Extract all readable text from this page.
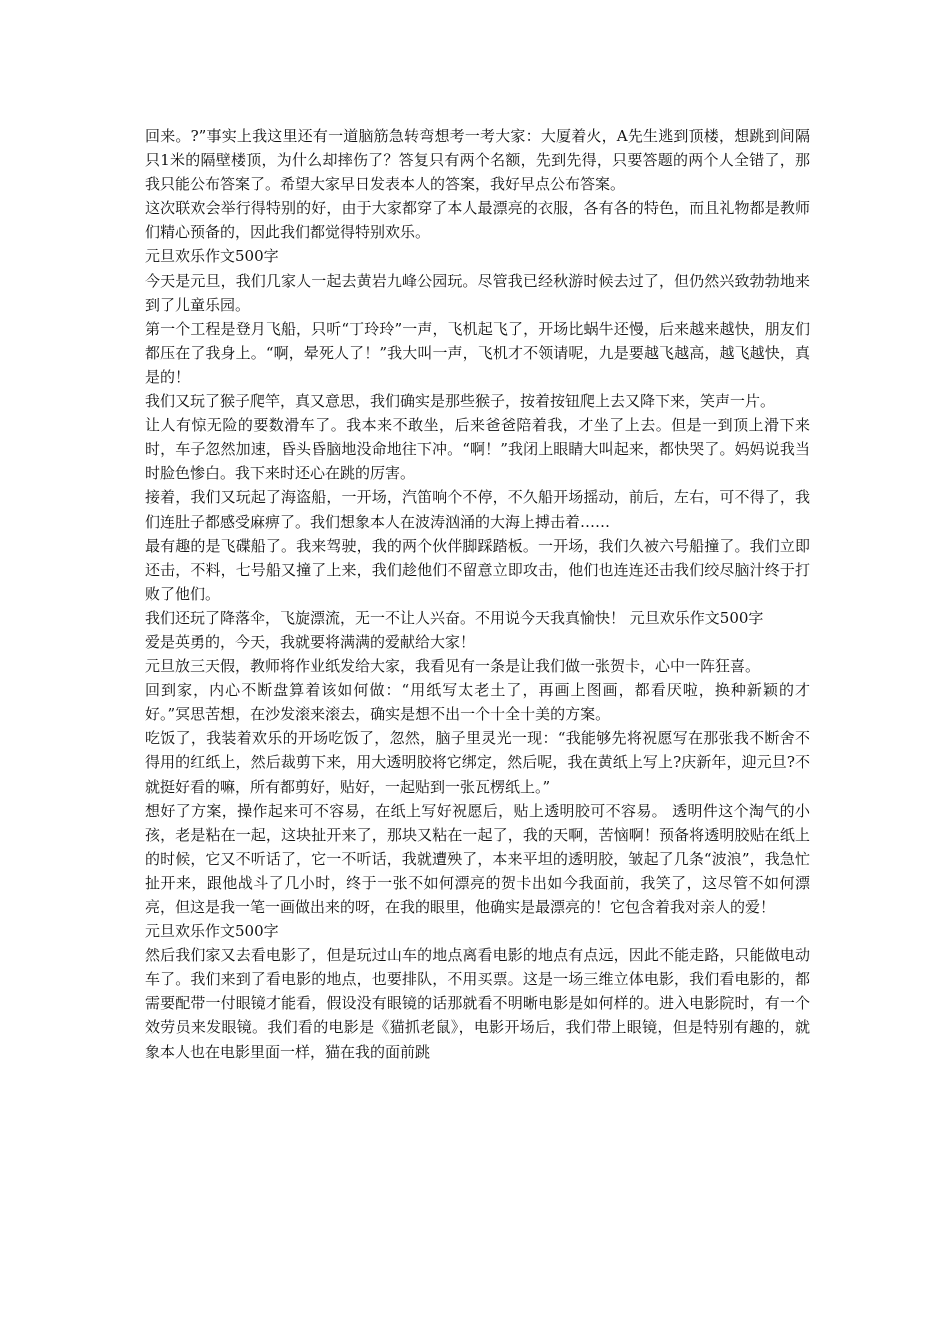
回来。?”事实上我这里还有一道脑筋急转弯想考一考大家：大厦着火，A先生逃到顶楼，想跳到间隔只1米的隔壁楼顶，为什么却摔伤了？答复只有两个名额，先到先得，只要答题的两个人全错了，那我只能公布答案了。希望大家早日发表本人的答案，我好早点公布答案。

这次联欢会举行得特别的好，由于大家都穿了本人最漂亮的衣服，各有各的特色，而且礼物都是教师们精心预备的，因此我们都觉得特别欢乐。

元旦欢乐作文500字

今天是元旦，我们几家人一起去黄岩九峰公园玩。尽管我已经秋游时候去过了，但仍然兴致勃勃地来到了儿童乐园。

第一个工程是登月飞船，只听“丁玲玲”一声，飞机起飞了，开场比蜗牛还慢，后来越来越快，朋友们都压在了我身上。“啊，晕死人了！”我大叫一声，飞机才不领请呢，九是要越飞越高，越飞越快，真是的！

我们又玩了猴子爬竿，真又意思，我们确实是那些猴子，按着按钮爬上去又降下来，笑声一片。

让人有惊无险的要数滑车了。我本来不敢坐，后来爸爸陪着我，才坐了上去。但是一到顶上滑下来时，车子忽然加速，昏头昏脑地没命地往下冲。“啊！”我闭上眼睛大叫起来，都快哭了。妈妈说我当时脸色惨白。我下来时还心在跳的厉害。

接着，我们又玩起了海盗船，一开场，汽笛响个不停，不久船开场摇动，前后，左右，可不得了，我们连肚子都感受麻痹了。我们想象本人在波涛汹涌的大海上搏击着……

最有趣的是飞碟船了。我来驾驶，我的两个伙伴脚踩踏板。一开场，我们久被六号船撞了。我们立即还击，不料，七号船又撞了上来，我们趁他们不留意立即攻击，他们也连连还击我们绞尽脑汁终于打败了他们。

我们还玩了降落伞，飞旋漂流，无一不让人兴奋。不用说今天我真愉快！ 元旦欢乐作文500字

爱是英勇的，今天，我就要将满满的爱献给大家！

元旦放三天假，教师将作业纸发给大家，我看见有一条是让我们做一张贺卡，心中一阵狂喜。

回到家，内心不断盘算着该如何做：“用纸写太老土了，再画上图画，都看厌啦，换种新颖的才好。”冥思苦想，在沙发滚来滚去，确实是想不出一个十全十美的方案。

吃饭了，我装着欢乐的开场吃饭了，忽然，脑子里灵光一现：“我能够先将祝愿写在那张我不断舍不得用的红纸上，然后裁剪下来，用大透明胶将它绑定，然后呢，我在黄纸上写上?庆新年，迎元旦?不就挺好看的嘛，所有都剪好，贴好，一起贴到一张瓦楞纸上。”

想好了方案，操作起来可不容易，在纸上写好祝愿后，贴上透明胶可不容易。 透明件这个淘气的小孩，老是粘在一起，这块扯开来了，那块又粘在一起了，我的天啊，苦恼啊！预备将透明胶贴在纸上的时候，它又不听话了，它一不听话，我就遭殃了，本来平坦的透明胶，皱起了几条“波浪”，我急忙扯开来，跟他战斗了几小时，终于一张不如何漂亮的贺卡出如今我面前，我笑了，这尽管不如何漂亮，但这是我一笔一画做出来的呀，在我的眼里，他确实是最漂亮的！它包含着我对亲人的爱！

元旦欢乐作文500字

然后我们家又去看电影了，但是玩过山车的地点离看电影的地点有点远，因此不能走路，只能做电动车了。我们来到了看电影的地点，也要排队，不用买票。这是一场三维立体电影，我们看电影的，都需要配带一付眼镜才能看，假设没有眼镜的话那就看不明晰电影是如何样的。进入电影院时，有一个效劳员来发眼镜。我们看的电影是《猫抓老鼠》，电影开场后，我们带上眼镜，但是特别有趣的，就象本人也在电影里面一样，猫在我的面前跳
